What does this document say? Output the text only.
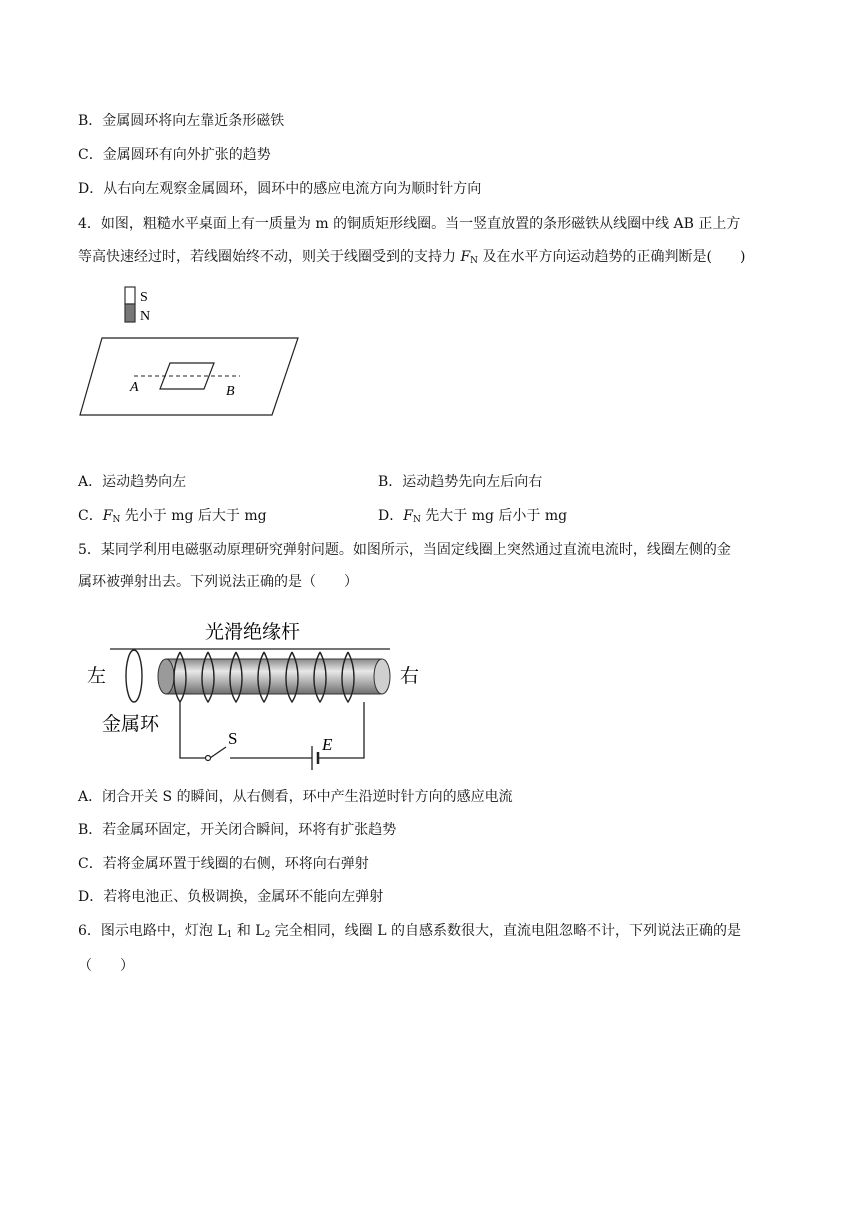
B．金属圆环将向左靠近条形磁铁
C．金属圆环有向外扩张的趋势
D．从右向左观察金属圆环，圆环中的感应电流方向为顺时针方向
4．如图，粗糙水平桌面上有一质量为 m 的铜质矩形线圈。当一竖直放置的条形磁铁从线圈中线 AB 正上方
等高快速经过时，若线圈始终不动，则关于线圈受到的支持力 $F_N$ 及在水平方向运动趋势的正确判断是(　　)
S
N
A	B
A．运动趋势向左	B．运动趋势先向左后向右
C．$F_N$ 先小于 mg 后大于 mg	D．$F_N$ 先大于 mg 后小于 mg
5．某同学利用电磁驱动原理研究弹射问题。如图所示，当固定线圈上突然通过直流电流时，线圈左侧的金
属环被弹射出去。下列说法正确的是（　　）
光滑绝缘杆
左	右
金属环
S	E
A．闭合开关 S 的瞬间，从右侧看，环中产生沿逆时针方向的感应电流
B．若金属环固定，开关闭合瞬间，环将有扩张趋势
C．若将金属环置于线圈的右侧，环将向右弹射
D．若将电池正、负极调换，金属环不能向左弹射
6．图示电路中，灯泡 $L_1$ 和 $L_2$ 完全相同，线圈 L 的自感系数很大，直流电阻忽略不计，下列说法正确的是
（　　）
